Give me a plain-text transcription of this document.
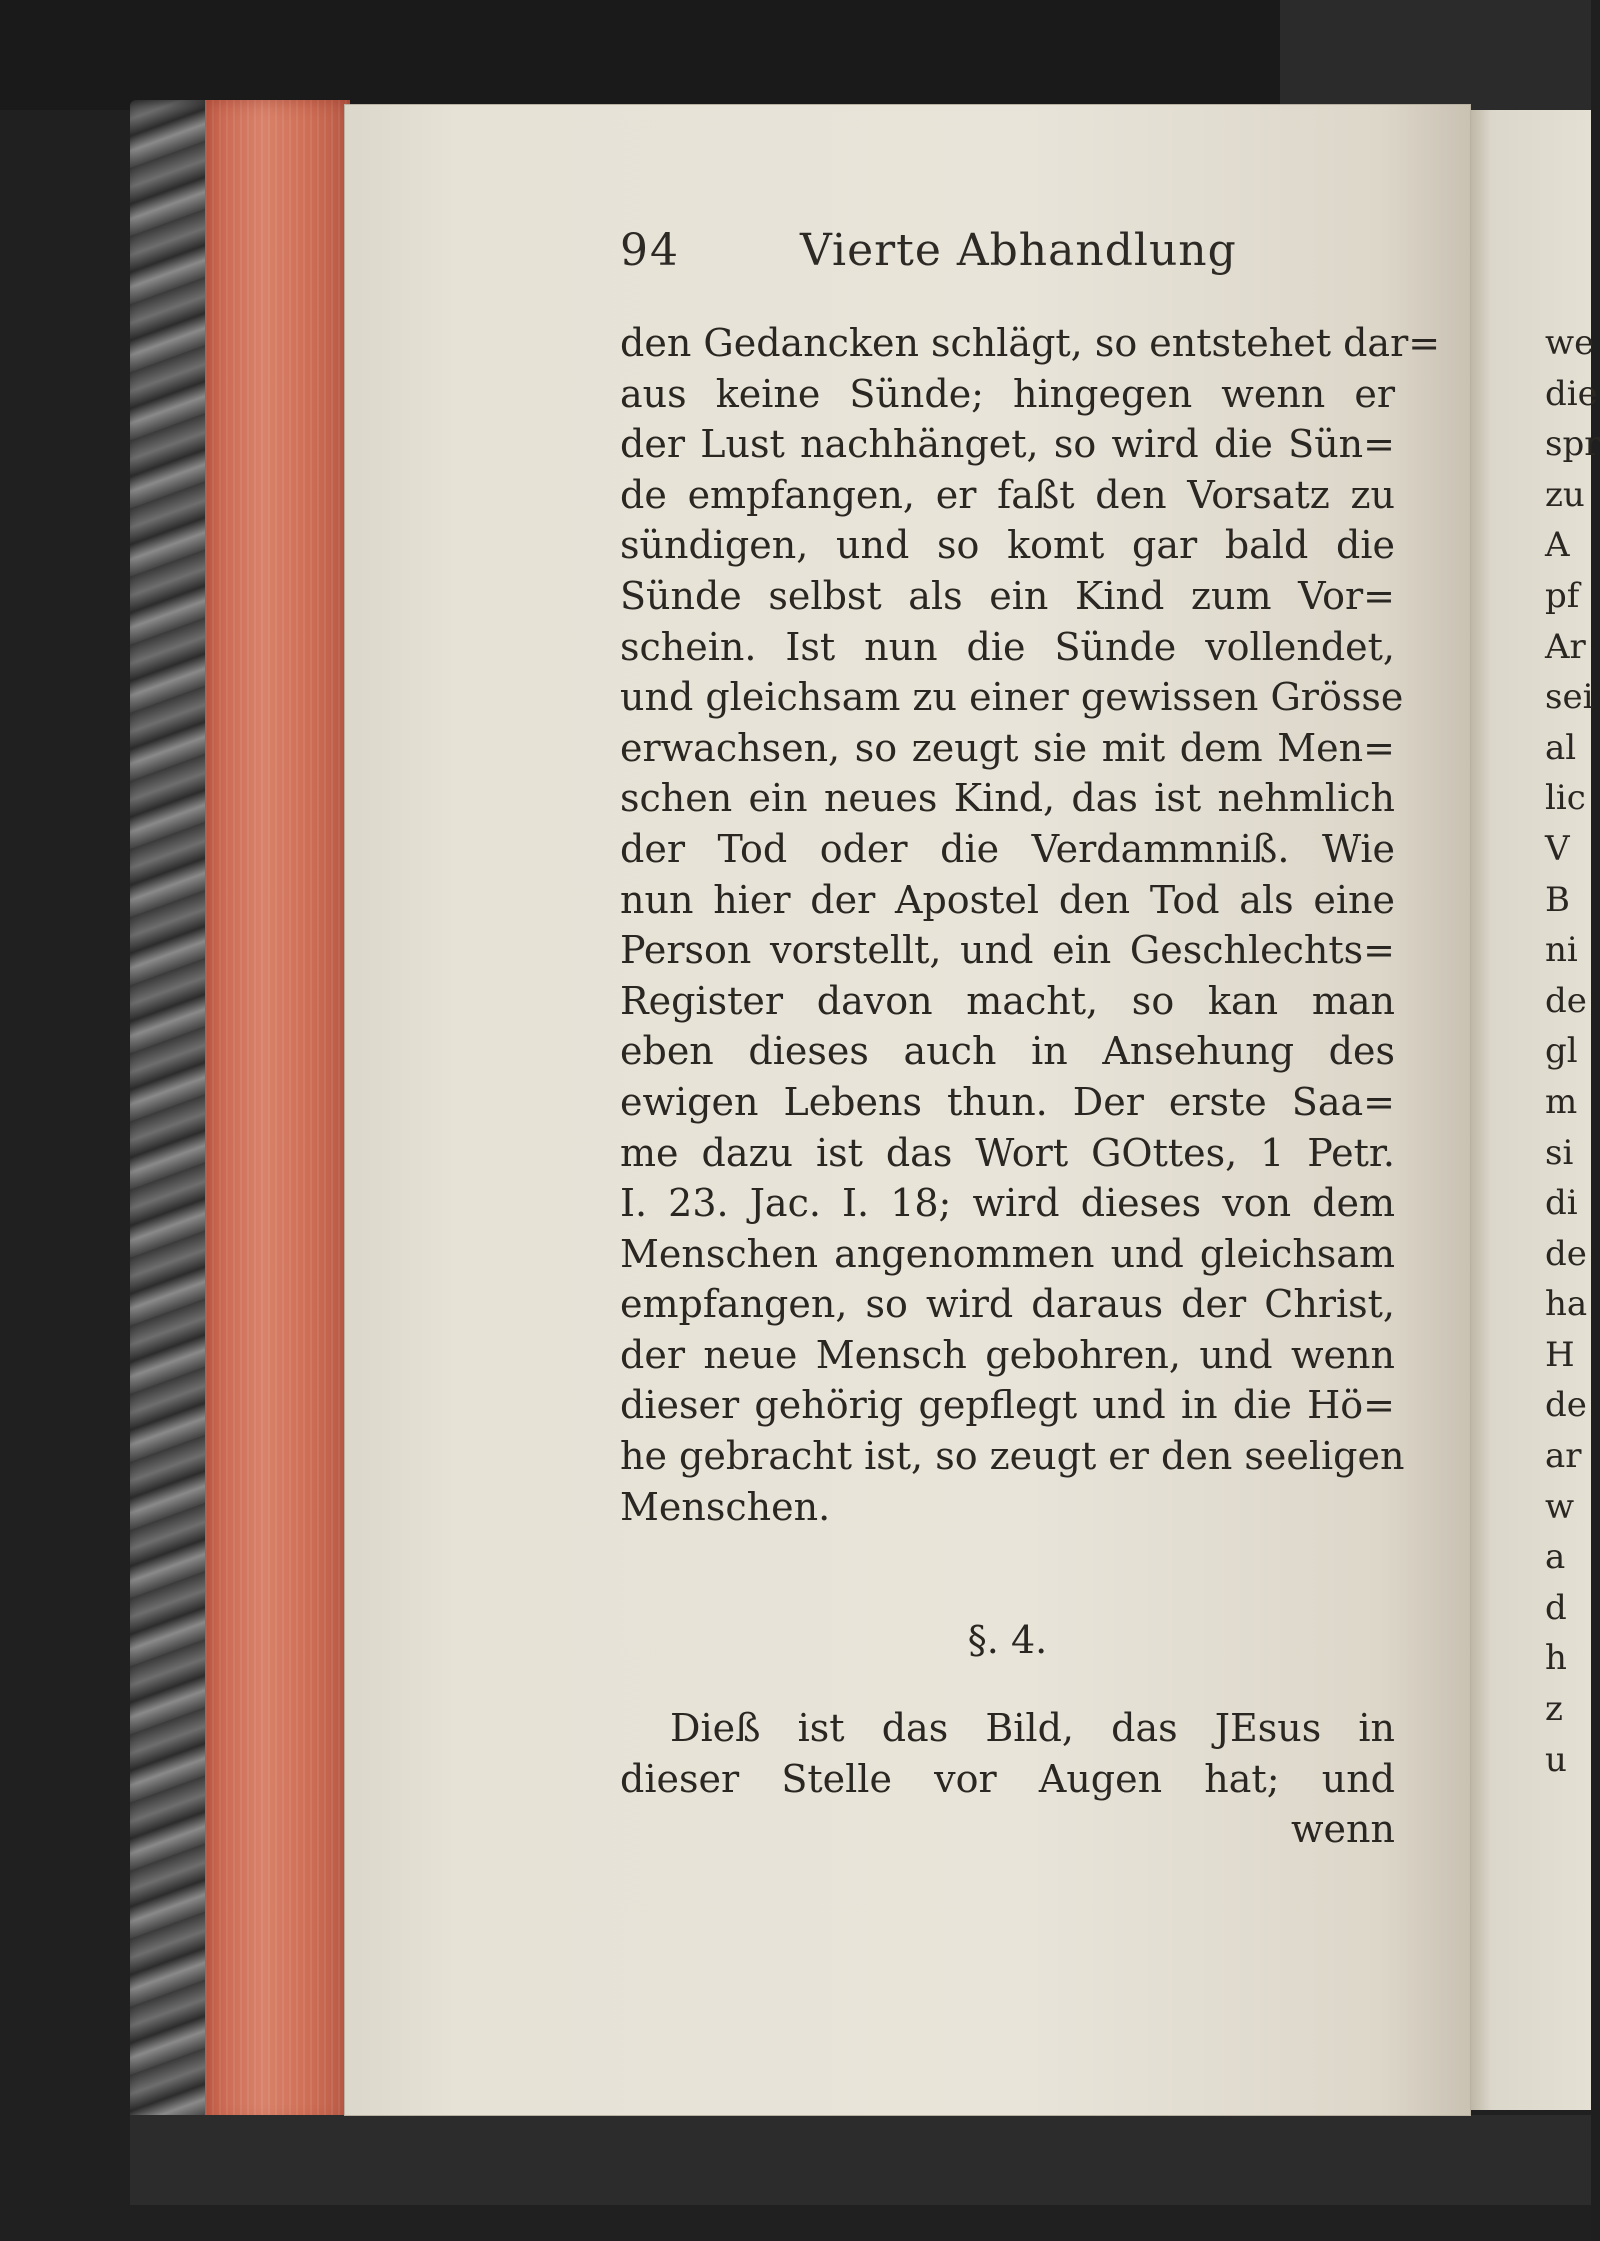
94	Vierte Abhandlung
den Gedancken schlägt, so entstehet dar=
aus keine Sünde; hingegen wenn er
der Lust nachhänget, so wird die Sün=
de empfangen, er faßt den Vorsatz zu
sündigen, und so komt gar bald die
Sünde selbst als ein Kind zum Vor=
schein. Ist nun die Sünde vollendet,
und gleichsam zu einer gewissen Grösse
erwachsen, so zeugt sie mit dem Men=
schen ein neues Kind, das ist nehmlich
der Tod oder die Verdammniß. Wie
nun hier der Apostel den Tod als eine
Person vorstellt, und ein Geschlechts=
Register davon macht, so kan man
eben dieses auch in Ansehung des
ewigen Lebens thun. Der erste Saa=
me dazu ist das Wort GOttes, 1 Petr.
I. 23. Jac. I. 18; wird dieses von dem
Menschen angenommen und gleichsam
empfangen, so wird daraus der Christ,
der neue Mensch gebohren, und wenn
dieser gehörig gepflegt und in die Hö=
he gebracht ist, so zeugt er den seeligen
Menschen.
§. 4.
Dieß ist das Bild, das JEsus in
dieser Stelle vor Augen hat; und
wenn
we
die
spr
zu
A
pf
Ar
sei
al
lic
V
B
ni
de
gl
m
si
di
de
ha
H
de
ar
w
a
d
h
z
u
